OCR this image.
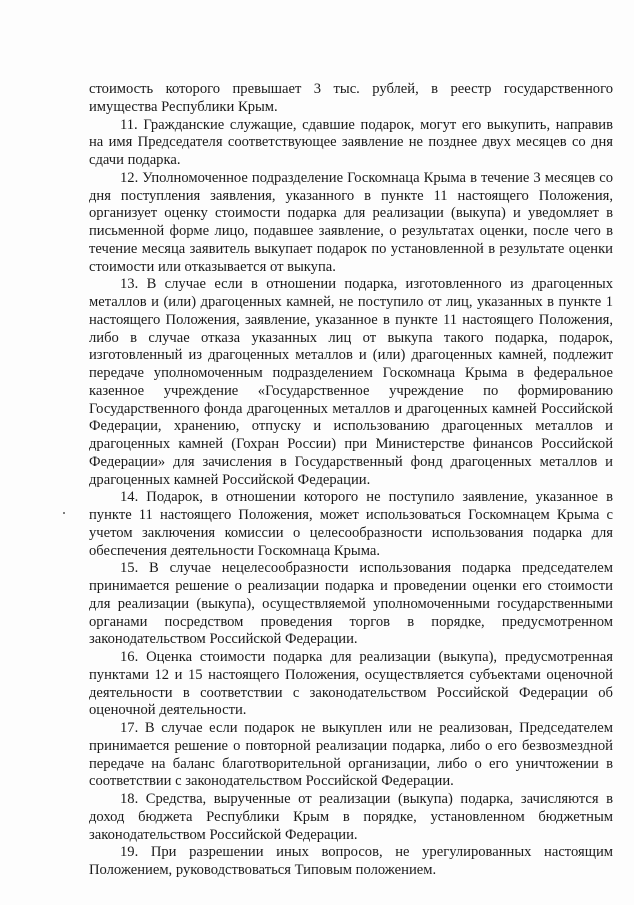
стоимость которого превышает 3 тыс. рублей, в реестр государственного имущества Республики Крым.

11. Гражданские служащие, сдавшие подарок, могут его выкупить, направив на имя Председателя соответствующее заявление не позднее двух месяцев со дня сдачи подарка.

12. Уполномоченное подразделение Госкомнаца Крыма в течение 3 месяцев со дня поступления заявления, указанного в пункте 11 настоящего Положения, организует оценку стоимости подарка для реализации (выкупа) и уведомляет в письменной форме лицо, подавшее заявление, о результатах оценки, после чего в течение месяца заявитель выкупает подарок по установленной в результате оценки стоимости или отказывается от выкупа.

13. В случае если в отношении подарка, изготовленного из драгоценных металлов и (или) драгоценных камней, не поступило от лиц, указанных в пункте 1 настоящего Положения, заявление, указанное в пункте 11 настоящего Положения, либо в случае отказа указанных лиц от выкупа такого подарка, подарок, изготовленный из драгоценных металлов и (или) драгоценных камней, подлежит передаче уполномоченным подразделением Госкомнаца Крыма в федеральное казенное учреждение «Государственное учреждение по формированию Государственного фонда драгоценных металлов и драгоценных камней Российской Федерации, хранению, отпуску и использованию драгоценных металлов и драгоценных камней (Гохран России) при Министерстве финансов Российской Федерации» для зачисления в Государственный фонд драгоценных металлов и драгоценных камней Российской Федерации.

14. Подарок, в отношении которого не поступило заявление, указанное в пункте 11 настоящего Положения, может использоваться Госкомнацем Крыма с учетом заключения комиссии о целесообразности использования подарка для обеспечения деятельности Госкомнаца Крыма.

15. В случае нецелесообразности использования подарка председателем принимается решение о реализации подарка и проведении оценки его стоимости для реализации (выкупа), осуществляемой уполномоченными государственными органами посредством проведения торгов в порядке, предусмотренном законодательством Российской Федерации.

16. Оценка стоимости подарка для реализации (выкупа), предусмотренная пунктами 12 и 15 настоящего Положения, осуществляется субъектами оценочной деятельности в соответствии с законодательством Российской Федерации об оценочной деятельности.

17. В случае если подарок не выкуплен или не реализован, Председателем принимается решение о повторной реализации подарка, либо о его безвозмездной передаче на баланс благотворительной организации, либо о его уничтожении в соответствии с законодательством Российской Федерации.

18. Средства, вырученные от реализации (выкупа) подарка, зачисляются в доход бюджета Республики Крым в порядке, установленном бюджетным законодательством Российской Федерации.

19. При разрешении иных вопросов, не урегулированных настоящим Положением, руководствоваться Типовым положением.
